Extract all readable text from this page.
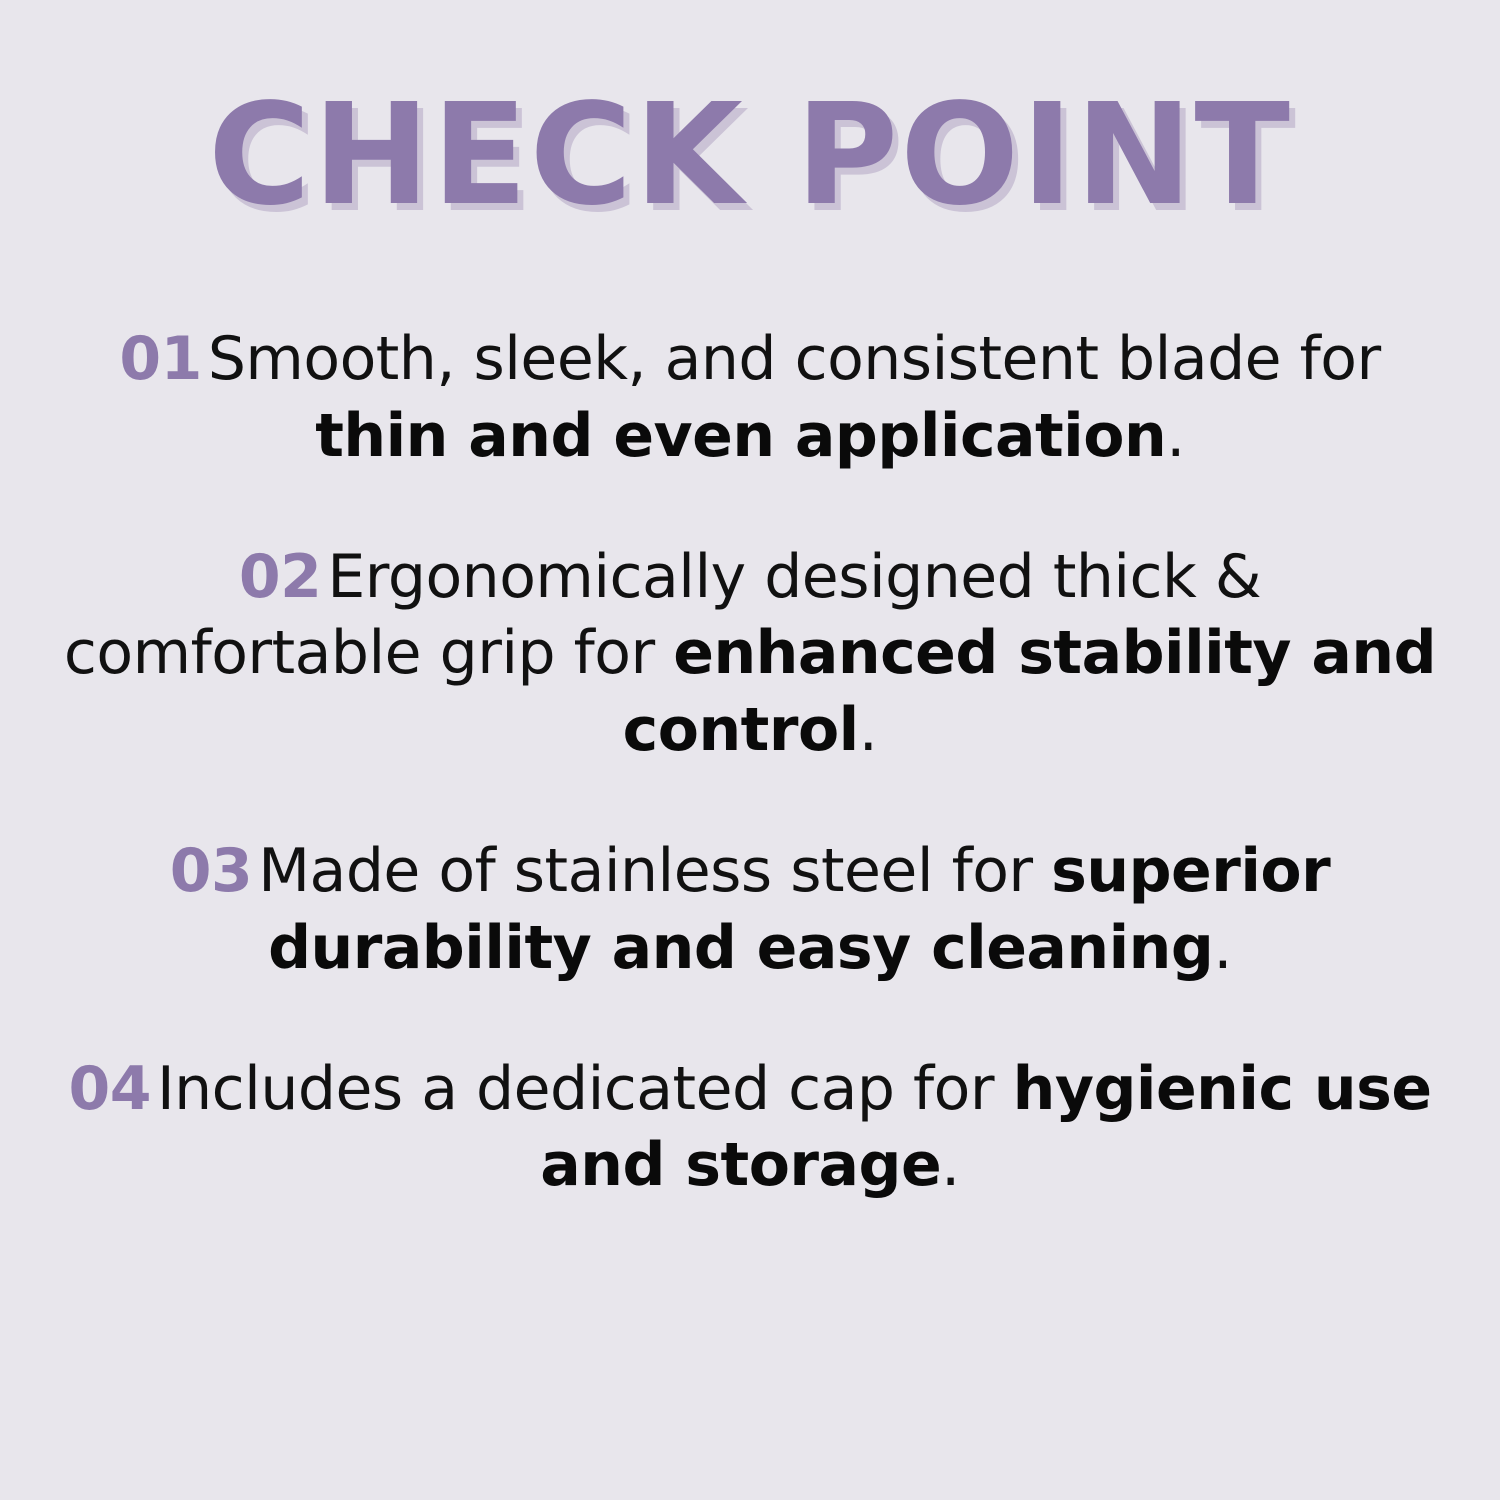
CHECK POINT
01 Smooth, sleek, and consistent blade for thin and even application.
02 Ergonomically designed thick & comfortable grip for enhanced stability and control.
03 Made of stainless steel for superior durability and easy cleaning.
04 Includes a dedicated cap for hygienic use and storage.
